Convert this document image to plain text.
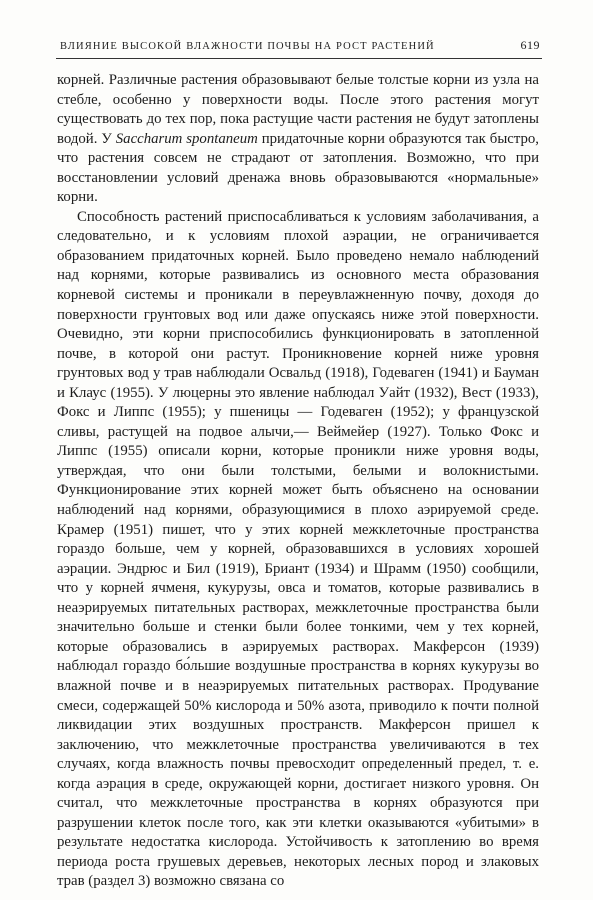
ВЛИЯНИЕ ВЫСОКОЙ ВЛАЖНОСТИ ПОЧВЫ НА РОСТ РАСТЕНИЙ	619

корней. Различные растения образовывают белые толстые корни из узла на стебле, особенно у поверхности воды. После этого растения могут существовать до тех пор, пока растущие части растения не будут затоплены водой. У Saccharum spontaneum придаточные корни образуются так быстро, что растения совсем не страдают от затопления. Возможно, что при восстановлении условий дренажа вновь образовываются «нормальные» корни.

Способность растений приспосабливаться к условиям заболачивания, а следовательно, и к условиям плохой аэрации, не ограничивается образованием придаточных корней. Было проведено немало наблюдений над корнями, которые развивались из основного места образования корневой системы и проникали в переувлажненную почву, доходя до поверхности грунтовых вод или даже опускаясь ниже этой поверхности. Очевидно, эти корни приспособились функционировать в затопленной почве, в которой они растут. Проникновение корней ниже уровня грунтовых вод у трав наблюдали Освальд (1918), Годеваген (1941) и Бауман и Клаус (1955). У люцерны это явление наблюдал Уайт (1932), Вест (1933), Фокс и Липпс (1955); у пшеницы — Годеваген (1952); у французской сливы, растущей на подвое алычи,— Веймейер (1927). Только Фокс и Липпс (1955) описали корни, которые проникли ниже уровня воды, утверждая, что они были толстыми, белыми и волокнистыми. Функционирование этих корней может быть объяснено на основании наблюдений над корнями, образующимися в плохо аэрируемой среде. Крамер (1951) пишет, что у этих корней межклеточные пространства гораздо больше, чем у корней, образовавшихся в условиях хорошей аэрации. Эндрюс и Бил (1919), Бриант (1934) и Шрамм (1950) сообщили, что у корней ячменя, кукурузы, овса и томатов, которые развивались в неаэрируемых питательных растворах, межклеточные пространства были значительно больше и стенки были более тонкими, чем у тех корней, которые образовались в аэрируемых растворах. Макферсон (1939) наблюдал гораздо бо́льшие воздушные пространства в корнях кукурузы во влажной почве и в неаэрируемых питательных растворах. Продувание смеси, содержащей 50% кислорода и 50% азота, приводило к почти полной ликвидации этих воздушных пространств. Макферсон пришел к заключению, что межклеточные пространства увеличиваются в тех случаях, когда влажность почвы превосходит определенный предел, т. е. когда аэрация в среде, окружающей корни, достигает низкого уровня. Он считал, что межклеточные пространства в корнях образуются при разрушении клеток после того, как эти клетки оказываются «убитыми» в результате недостатка кислорода. Устойчивость к затоплению во время периода роста грушевых деревьев, некоторых лесных пород и злаковых трав (раздел 3) возможно связана со
